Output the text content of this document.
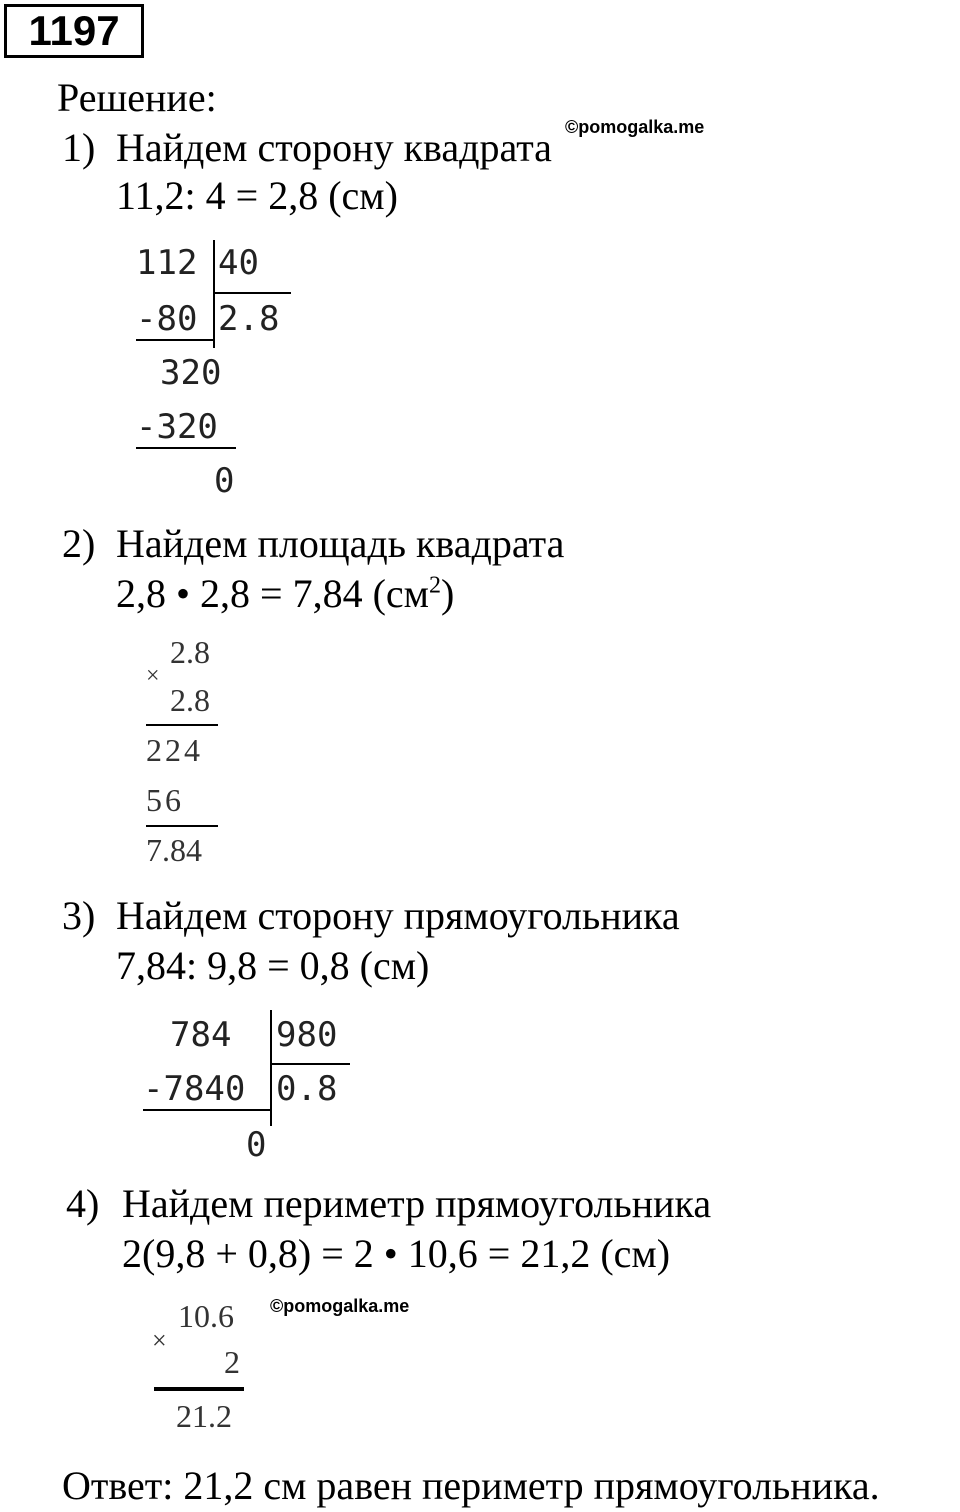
1197
Решение:
©pomogalka.me
1) Найдем сторону квадрата
11,2: 4 = 2,8 (см)
112 40
-80 2.8
320
-320
0
2) Найдем площадь квадрата
2,8 • 2,8 = 7,84 $(см^2)$
×
2.8
2.8
224
56
7.84
3) Найдем сторону прямоугольника
7,84: 9,8 = 0,8 (см)
784 980
-7840 0.8
0
4) Найдем периметр прямоугольника
2(9,8 + 0,8) = 2 • 10,6 = 21,2 (см)
©pomogalka.me
×
10.6
2
21.2
Ответ: 21,2 см равен периметр прямоугольника.
